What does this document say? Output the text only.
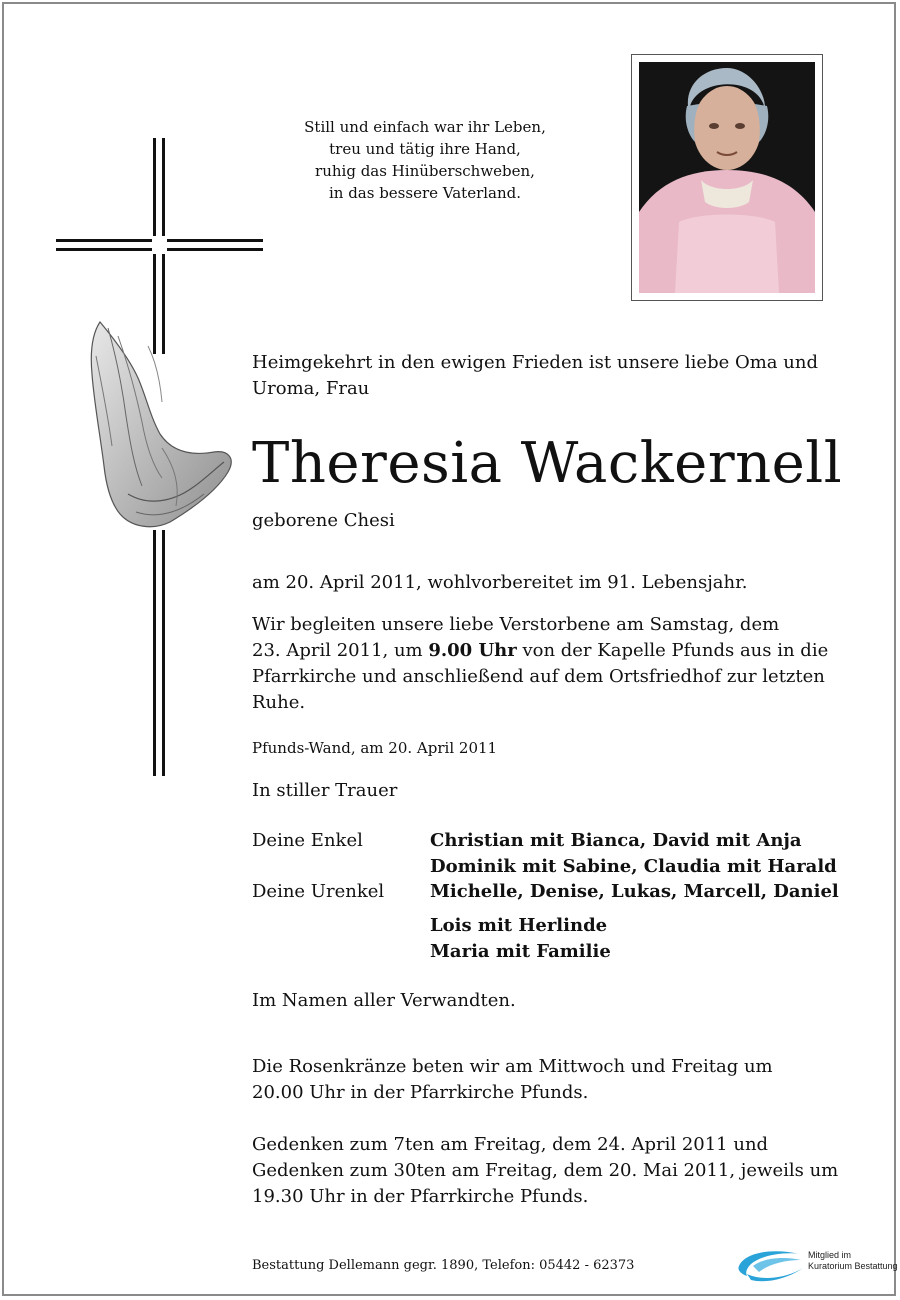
Still und einfach war ihr Leben,
treu und tätig ihre Hand,
ruhig das Hinüberschweben,
in das bessere Vaterland.
Heimgekehrt in den ewigen Frieden ist unsere liebe Oma und
Uroma, Frau
Theresia Wackernell
geborene Chesi
am 20. April 2011, wohlvorbereitet im 91. Lebensjahr.
Wir begleiten unsere liebe Verstorbene am Samstag, dem
23. April 2011, um 9.00 Uhr von der Kapelle Pfunds aus in die
Pfarrkirche und anschließend auf dem Ortsfriedhof zur letzten
Ruhe.
Pfunds-Wand, am 20. April 2011
In stiller Trauer
Deine Enkel	Christian mit Bianca, David mit Anja
Dominik mit Sabine, Claudia mit Harald
Deine Urenkel	Michelle, Denise, Lukas, Marcell, Daniel
Lois mit Herlinde
Maria mit Familie
Im Namen aller Verwandten.
Die Rosenkränze beten wir am Mittwoch und Freitag um
20.00 Uhr in der Pfarrkirche Pfunds.
Gedenken zum 7ten am Freitag, dem 24. April 2011 und
Gedenken zum 30ten am Freitag, dem 20. Mai 2011, jeweils um
19.30 Uhr in der Pfarrkirche Pfunds.
Bestattung Dellemann gegr. 1890, Telefon: 05442 - 62373
Mitglied im
Kuratorium Bestattung
